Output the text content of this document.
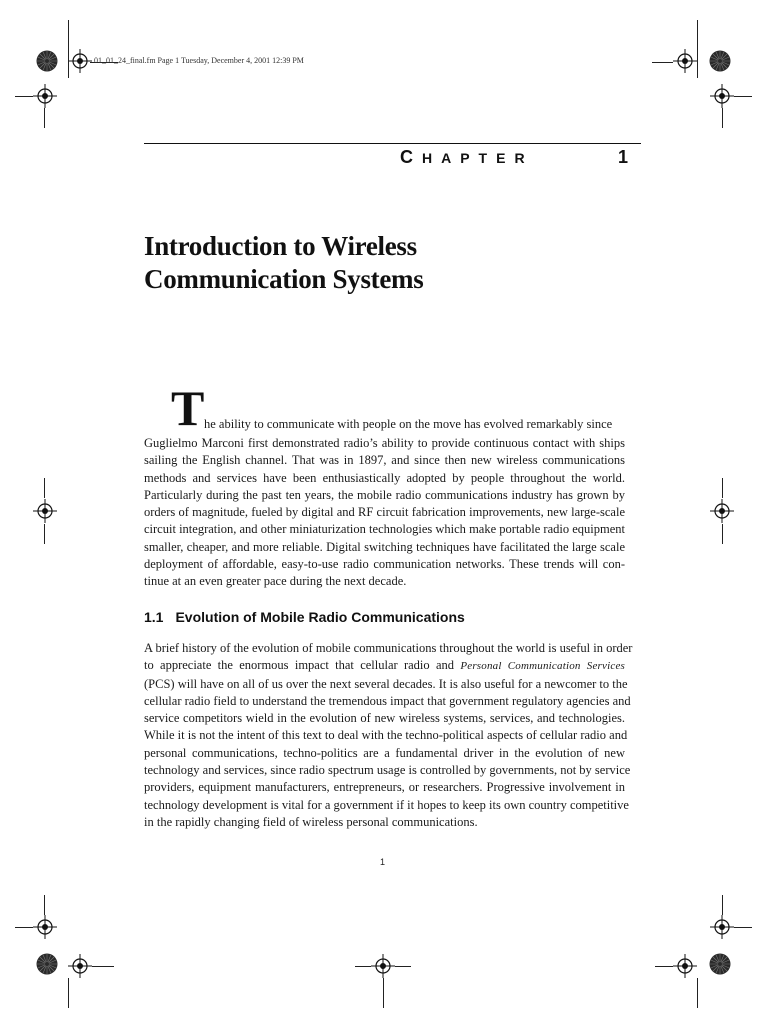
01_01_24_final.fm Page 1 Tuesday, December 4, 2001 12:39 PM
CHAPTER	1
Introduction to Wireless
Communication Systems
T he ability to communicate with people on the move has evolved remarkably since
Guglielmo Marconi first demonstrated radio’s ability to provide continuous contact with ships
sailing the English channel. That was in 1897, and since then new wireless communications
methods and services have been enthusiastically adopted by people throughout the world.
Particularly during the past ten years, the mobile radio communications industry has grown by
orders of magnitude, fueled by digital and RF circuit fabrication improvements, new large-scale
circuit integration, and other miniaturization technologies which make portable radio equipment
smaller, cheaper, and more reliable. Digital switching techniques have facilitated the large scale
deployment of affordable, easy-to-use radio communication networks. These trends will con-
tinue at an even greater pace during the next decade.
1.1 Evolution of Mobile Radio Communications
A brief history of the evolution of mobile communications throughout the world is useful in order
to appreciate the enormous impact that cellular radio and Personal Communication Services
(PCS) will have on all of us over the next several decades. It is also useful for a newcomer to the
cellular radio field to understand the tremendous impact that government regulatory agencies and
service competitors wield in the evolution of new wireless systems, services, and technologies.
While it is not the intent of this text to deal with the techno-political aspects of cellular radio and
personal communications, techno-politics are a fundamental driver in the evolution of new
technology and services, since radio spectrum usage is controlled by governments, not by service
providers, equipment manufacturers, entrepreneurs, or researchers. Progressive involvement in
technology development is vital for a government if it hopes to keep its own country competitive
in the rapidly changing field of wireless personal communications.
1
